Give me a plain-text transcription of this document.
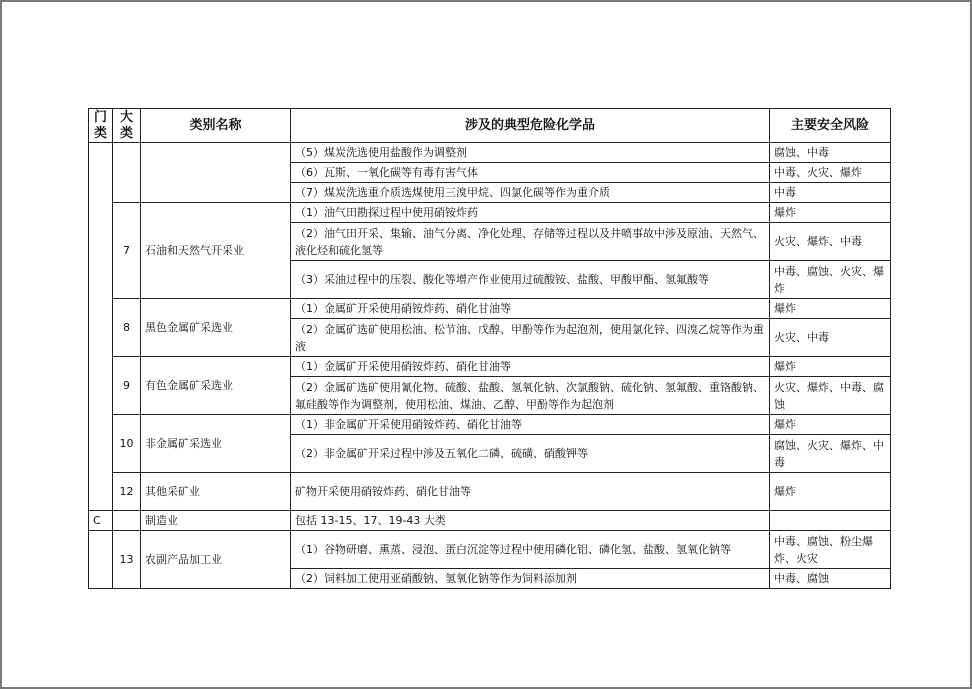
门类	大类	类别名称	涉及的典型危险化学品	主要安全风险
			（5）煤炭洗选使用盐酸作为调整剂	腐蚀、中毒
			（6）瓦斯、一氧化碳等有毒有害气体	中毒、火灾、爆炸
			（7）煤炭洗选重介质选煤使用三溴甲烷、四氯化碳等作为重介质	中毒
	7	石油和天然气开采业	（1）油气田勘探过程中使用硝铵炸药	爆炸
			（2）油气田开采、集输、油气分离、净化处理、存储等过程以及井喷事故中涉及原油、天然气、液化烃和硫化氢等	火灾、爆炸、中毒
			（3）采油过程中的压裂、酸化等增产作业使用过硫酸铵、盐酸、甲酸甲酯、氢氟酸等	中毒、腐蚀、火灾、爆炸
	8	黑色金属矿采选业	（1）金属矿开采使用硝铵炸药、硝化甘油等	爆炸
			（2）金属矿选矿使用松油、松节油、戊醇、甲酚等作为起泡剂，使用氯化锌、四溴乙烷等作为重液	火灾、中毒
	9	有色金属矿采选业	（1）金属矿开采使用硝铵炸药、硝化甘油等	爆炸
			（2）金属矿选矿使用氰化物、硫酸、盐酸、氢氧化钠、次氯酸钠、硫化钠、氢氟酸、重铬酸钠、氟硅酸等作为调整剂，使用松油、煤油、乙醇、甲酚等作为起泡剂	火灾、爆炸、中毒、腐蚀
	10	非金属矿采选业	（1）非金属矿开采使用硝铵炸药、硝化甘油等	爆炸
			（2）非金属矿开采过程中涉及五氧化二磷、硫磺、硝酸钾等	腐蚀、火灾、爆炸、中毒
	12	其他采矿业	矿物开采使用硝铵炸药、硝化甘油等	爆炸
C		制造业	包括 13-15、17、19-43 大类	
	13	农副产品加工业	（1）谷物研磨、熏蒸、浸泡、蛋白沉淀等过程中使用磷化铝、磷化氢、盐酸、氢氧化钠等	中毒、腐蚀、粉尘爆炸、火灾
			（2）饲料加工使用亚硝酸钠、氢氧化钠等作为饲料添加剂	中毒、腐蚀
